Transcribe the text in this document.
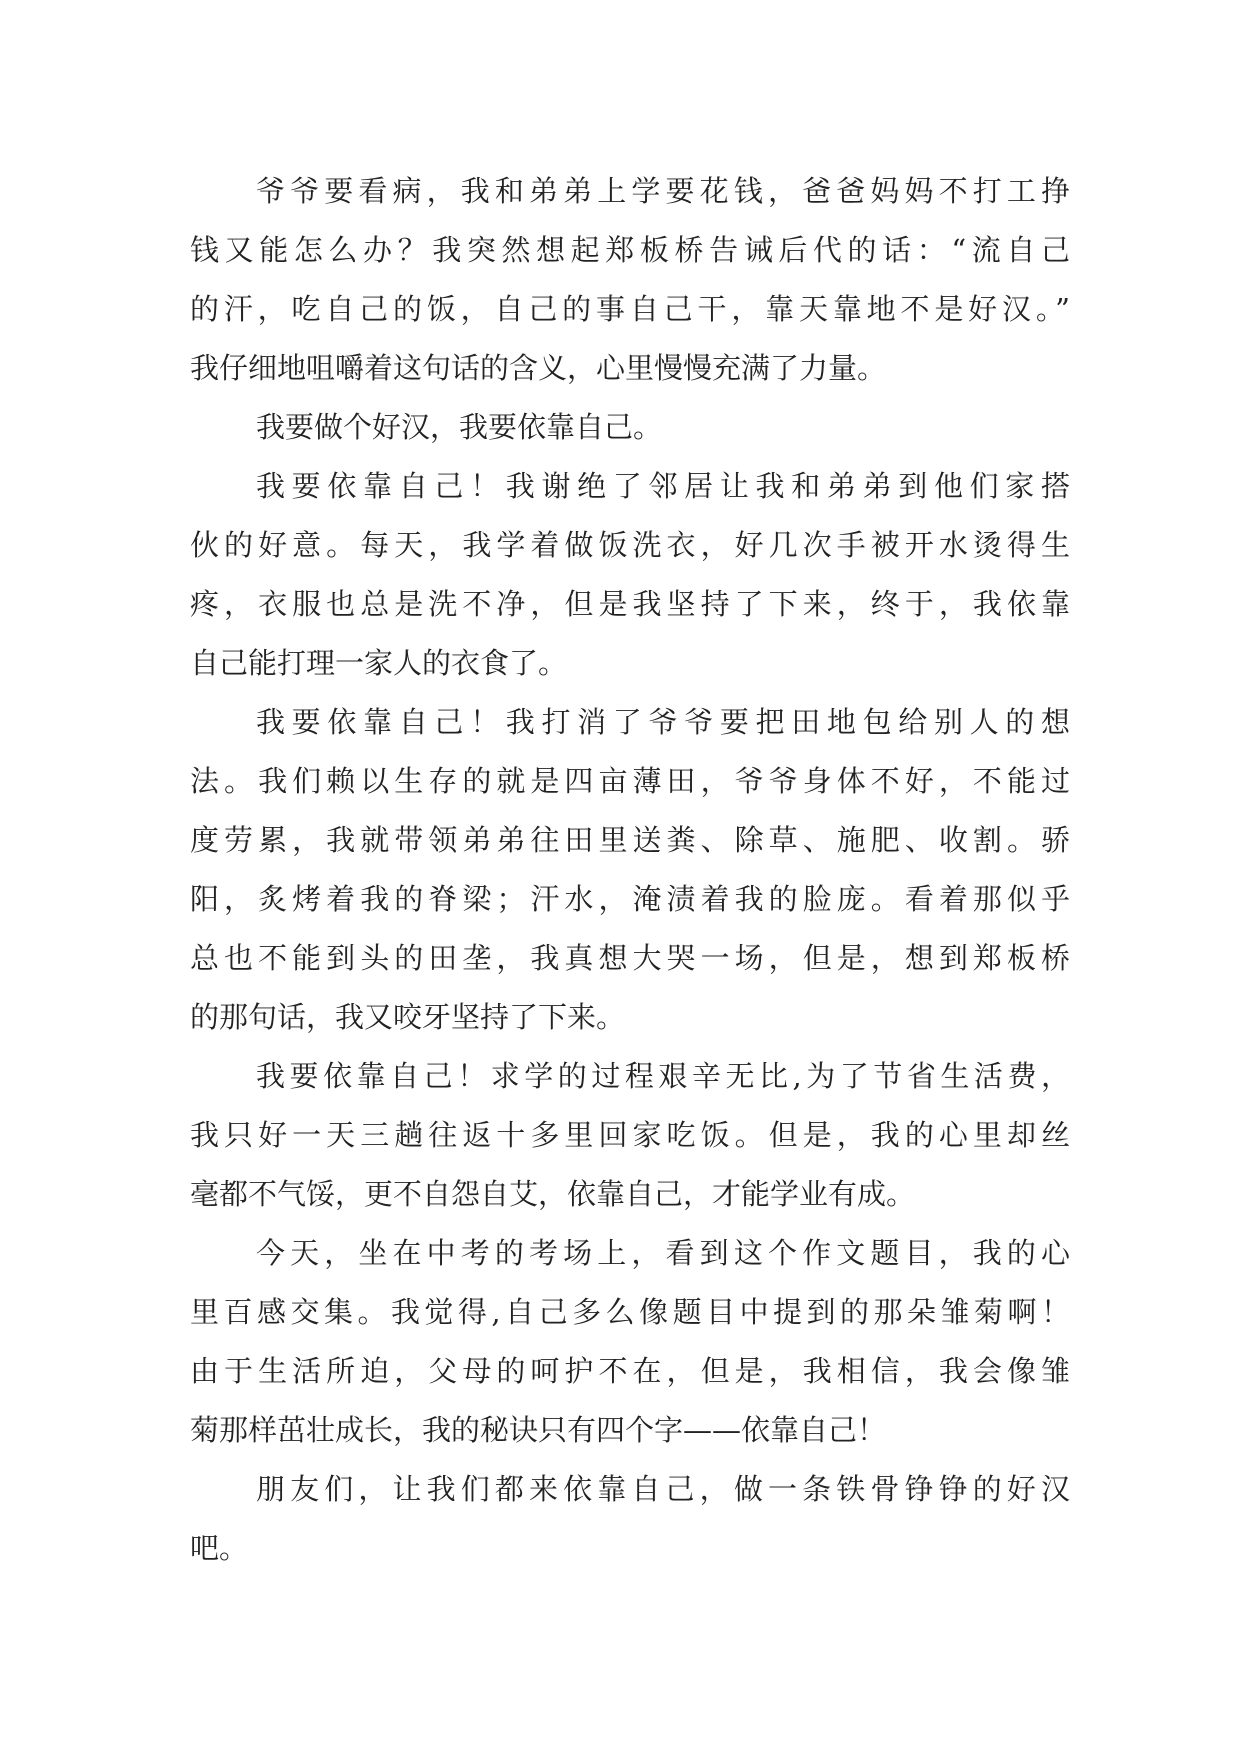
爷爷要看病，我和弟弟上学要花钱，爸爸妈妈不打工挣
钱又能怎么办？我突然想起郑板桥告诫后代的话：“流自己
的汗，吃自己的饭，自己的事自己干，靠天靠地不是好汉。”
我仔细地咀嚼着这句话的含义，心里慢慢充满了力量。
我要做个好汉，我要依靠自己。
我要依靠自己！我谢绝了邻居让我和弟弟到他们家搭
伙的好意。每天，我学着做饭洗衣，好几次手被开水烫得生
疼，衣服也总是洗不净，但是我坚持了下来，终于，我依靠
自己能打理一家人的衣食了。
我要依靠自己！我打消了爷爷要把田地包给别人的想
法。我们赖以生存的就是四亩薄田，爷爷身体不好，不能过
度劳累，我就带领弟弟往田里送粪、除草、施肥、收割。骄
阳，炙烤着我的脊梁；汗水，淹渍着我的脸庞。看着那似乎
总也不能到头的田垄，我真想大哭一场，但是，想到郑板桥
的那句话，我又咬牙坚持了下来。
我要依靠自己！求学的过程艰辛无比,为了节省生活费，
我只好一天三趟往返十多里回家吃饭。但是，我的心里却丝
毫都不气馁，更不自怨自艾，依靠自己，才能学业有成。
今天，坐在中考的考场上，看到这个作文题目，我的心
里百感交集。我觉得,自己多么像题目中提到的那朵雏菊啊！
由于生活所迫，父母的呵护不在，但是，我相信，我会像雏
菊那样茁壮成长，我的秘诀只有四个字——依靠自己！
朋友们，让我们都来依靠自己，做一条铁骨铮铮的好汉
吧。
